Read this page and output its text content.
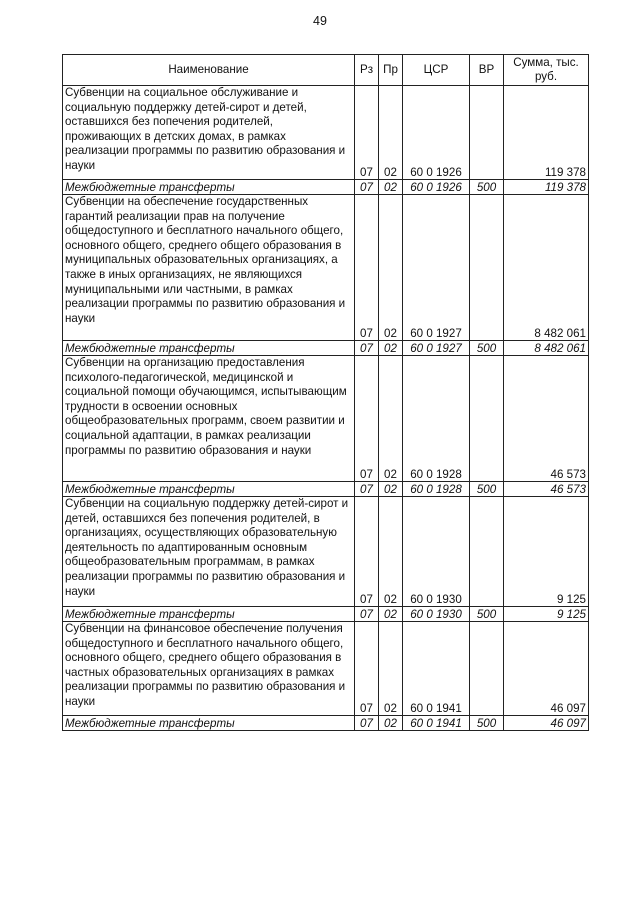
49
Наименование	Рз	Пр	ЦСР	ВР	Сумма, тыс. руб.
Субвенции на социальное обслуживание и социальную поддержку детей-сирот и детей, оставшихся без попечения родителей, проживающих в детских домах, в рамках реализации программы по развитию образования и науки	07	02	60 0 1926		119 378
Межбюджетные трансферты	07	02	60 0 1926	500	119 378
Субвенции на обеспечение государственных гарантий реализации прав на получение общедоступного и бесплатного начального общего, основного общего, среднего общего образования в муниципальных образовательных организациях, а также в иных организациях, не являющихся муниципальными или частными, в рамках реализации программы по развитию образования и науки	07	02	60 0 1927		8 482 061
Межбюджетные трансферты	07	02	60 0 1927	500	8 482 061
Субвенции на организацию предоставления психолого-педагогической, медицинской и социальной помощи обучающимся, испытывающим трудности в освоении основных общеобразовательных программ, своем развитии и социальной адаптации, в рамках реализации программы по развитию образования и науки	07	02	60 0 1928		46 573
Межбюджетные трансферты	07	02	60 0 1928	500	46 573
Субвенции на социальную поддержку детей-сирот и детей, оставшихся без попечения родителей, в организациях, осуществляющих образовательную деятельность по адаптированным основным общеобразовательным программам, в рамках реализации программы по развитию образования и науки	07	02	60 0 1930		9 125
Межбюджетные трансферты	07	02	60 0 1930	500	9 125
Субвенции на финансовое обеспечение получения общедоступного и бесплатного начального общего, основного общего, среднего общего образования в частных образовательных организациях в рамках реализации программы по развитию образования и науки	07	02	60 0 1941		46 097
Межбюджетные трансферты	07	02	60 0 1941	500	46 097
